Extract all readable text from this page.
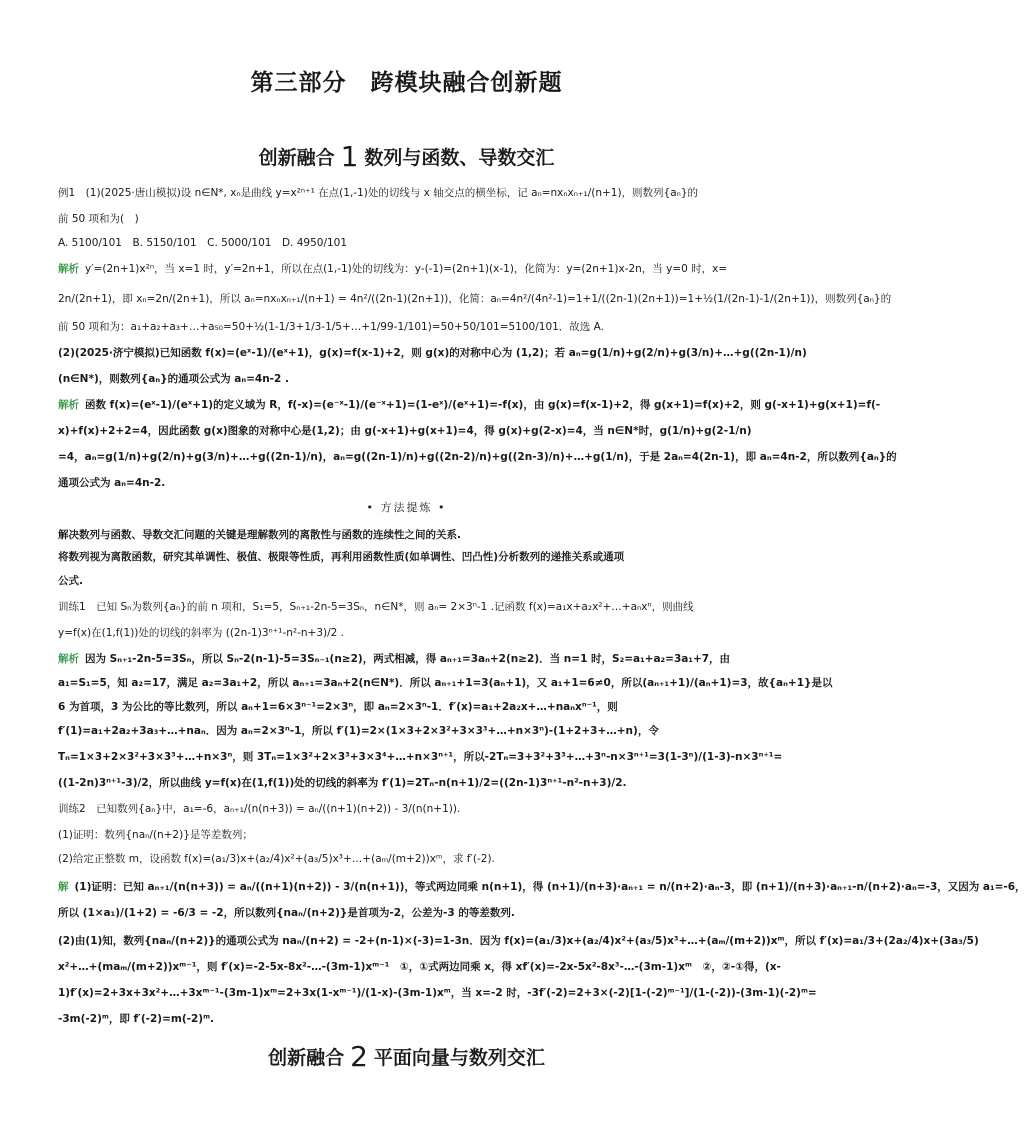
第三部分　跨模块融合创新题
创新融合 1 数列与函数、导数交汇
例1　(1)(2025·唐山模拟)设 n∈N*, xₙ是曲线 y=x²ⁿ⁺¹ 在点(1,-1)处的切线与 x 轴交点的横坐标，记 aₙ=nxₙxₙ₊₁/(n+1)，则数列{aₙ}的
前 50 项和为(　)
A. 5100/101　B. 5150/101　C. 5000/101　D. 4950/101
解析 y′=(2n+1)x²ⁿ，当 x=1 时，y′=2n+1，所以在点(1,-1)处的切线为：y-(-1)=(2n+1)(x-1)，化简为：y=(2n+1)x-2n，当 y=0 时，x=
2n/(2n+1)，即 xₙ=2n/(2n+1)，所以 aₙ=nxₙxₙ₊₁/(n+1) = 4n²/((2n-1)(2n+1))，化简：aₙ=4n²/(4n²-1)=1+1/((2n-1)(2n+1))=1+½(1/(2n-1)-1/(2n+1))，则数列{aₙ}的
前 50 项和为：a₁+a₂+a₃+…+a₅₀=50+½(1-1/3+1/3-1/5+…+1/99-1/101)=50+50/101=5100/101．故选 A.
(2)(2025·济宁模拟)已知函数 f(x)=(eˣ-1)/(eˣ+1)，g(x)=f(x-1)+2，则 g(x)的对称中心为 (1,2)；若 aₙ=g(1/n)+g(2/n)+g(3/n)+…+g((2n-1)/n)
(n∈N*)，则数列{aₙ}的通项公式为 aₙ=4n-2 .
解析 函数 f(x)=(eˣ-1)/(eˣ+1)的定义域为 R，f(-x)=(e⁻ˣ-1)/(e⁻ˣ+1)=(1-eˣ)/(eˣ+1)=-f(x)，由 g(x)=f(x-1)+2，得 g(x+1)=f(x)+2，则 g(-x+1)+g(x+1)=f(-
x)+f(x)+2+2=4，因此函数 g(x)图象的对称中心是(1,2)；由 g(-x+1)+g(x+1)=4，得 g(x)+g(2-x)=4，当 n∈N*时，g(1/n)+g(2-1/n)
=4，aₙ=g(1/n)+g(2/n)+g(3/n)+…+g((2n-1)/n)，aₙ=g((2n-1)/n)+g((2n-2)/n)+g((2n-3)/n)+…+g(1/n)，于是 2aₙ=4(2n-1)，即 aₙ=4n-2，所以数列{aₙ}的
通项公式为 aₙ=4n-2.
• 方法提炼 •
解决数列与函数、导数交汇问题的关键是理解数列的离散性与函数的连续性之间的关系.
将数列视为离散函数，研究其单调性、极值、极限等性质，再利用函数性质(如单调性、凹凸性)分析数列的递推关系或通项
公式.
训练1　已知 Sₙ为数列{aₙ}的前 n 项和，S₁=5，Sₙ₊₁-2n-5=3Sₙ，n∈N*，则 aₙ= 2×3ⁿ-1 .记函数 f(x)=a₁x+a₂x²+…+aₙxⁿ，则曲线
y=f(x)在(1,f(1))处的切线的斜率为 ((2n-1)3ⁿ⁺¹-n²-n+3)/2 .
解析 因为 Sₙ₊₁-2n-5=3Sₙ，所以 Sₙ-2(n-1)-5=3Sₙ₋₁(n≥2)，两式相减，得 aₙ₊₁=3aₙ+2(n≥2)．当 n=1 时，S₂=a₁+a₂=3a₁+7，由
a₁=S₁=5，知 a₂=17，满足 a₂=3a₁+2，所以 aₙ₊₁=3aₙ+2(n∈N*)．所以 aₙ₊₁+1=3(aₙ+1)，又 a₁+1=6≠0，所以(aₙ₊₁+1)/(aₙ+1)=3，故{aₙ+1}是以
6 为首项，3 为公比的等比数列，所以 aₙ+1=6×3ⁿ⁻¹=2×3ⁿ，即 aₙ=2×3ⁿ-1．f′(x)=a₁+2a₂x+…+naₙxⁿ⁻¹，则
f′(1)=a₁+2a₂+3a₃+…+naₙ．因为 aₙ=2×3ⁿ-1，所以 f′(1)=2×(1×3+2×3²+3×3³+…+n×3ⁿ)-(1+2+3+…+n)，令
Tₙ=1×3+2×3²+3×3³+…+n×3ⁿ，则 3Tₙ=1×3²+2×3³+3×3⁴+…+n×3ⁿ⁺¹，所以-2Tₙ=3+3²+3³+…+3ⁿ-n×3ⁿ⁺¹=3(1-3ⁿ)/(1-3)-n×3ⁿ⁺¹=
((1-2n)3ⁿ⁺¹-3)/2，所以曲线 y=f(x)在(1,f(1))处的切线的斜率为 f′(1)=2Tₙ-n(n+1)/2=((2n-1)3ⁿ⁺¹-n²-n+3)/2.
训练2　已知数列{aₙ}中，a₁=-6，aₙ₊₁/(n(n+3)) = aₙ/((n+1)(n+2)) - 3/(n(n+1)).
(1)证明：数列{naₙ/(n+2)}是等差数列；
(2)给定正整数 m，设函数 f(x)=(a₁/3)x+(a₂/4)x²+(a₃/5)x³+…+(aₘ/(m+2))xᵐ，求 f′(-2).
解 (1)证明：已知 aₙ₊₁/(n(n+3)) = aₙ/((n+1)(n+2)) - 3/(n(n+1))，等式两边同乘 n(n+1)，得 (n+1)/(n+3)·aₙ₊₁ = n/(n+2)·aₙ-3，即 (n+1)/(n+3)·aₙ₊₁-n/(n+2)·aₙ=-3，又因为 a₁=-6，
所以 (1×a₁)/(1+2) = -6/3 = -2，所以数列{naₙ/(n+2)}是首项为-2，公差为-3 的等差数列.
(2)由(1)知，数列{naₙ/(n+2)}的通项公式为 naₙ/(n+2) = -2+(n-1)×(-3)=1-3n．因为 f(x)=(a₁/3)x+(a₂/4)x²+(a₃/5)x³+…+(aₘ/(m+2))xᵐ，所以 f′(x)=a₁/3+(2a₂/4)x+(3a₃/5)
x²+…+(maₘ/(m+2))xᵐ⁻¹，则 f′(x)=-2-5x-8x²-…-(3m-1)xᵐ⁻¹　①，①式两边同乘 x，得 xf′(x)=-2x-5x²-8x³-…-(3m-1)xᵐ　②，②-①得，(x-
1)f′(x)=2+3x+3x²+…+3xᵐ⁻¹-(3m-1)xᵐ=2+3x(1-xᵐ⁻¹)/(1-x)-(3m-1)xᵐ，当 x=-2 时，-3f′(-2)=2+3×(-2)[1-(-2)ᵐ⁻¹]/(1-(-2))-(3m-1)(-2)ᵐ=
-3m(-2)ᵐ，即 f′(-2)=m(-2)ᵐ.
创新融合 2 平面向量与数列交汇
